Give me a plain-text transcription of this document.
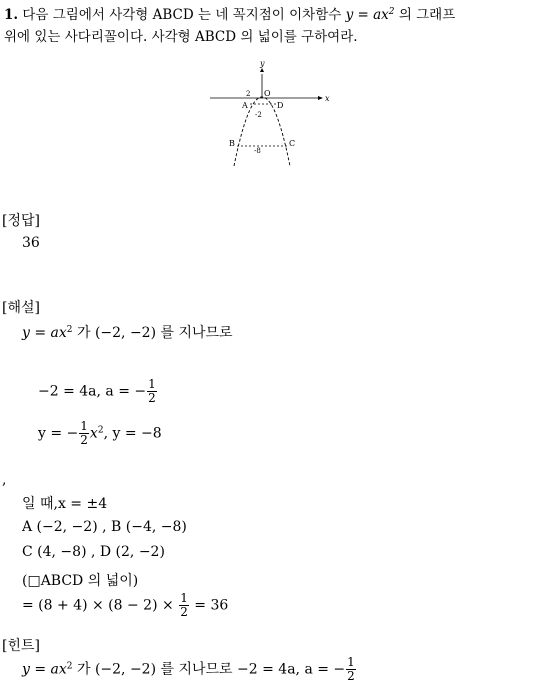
1. 다음 그림에서 사각형 ABCD 는 네 꼭지점이 이차함수 $y = ax^2$ 의 그래프
위에 있는 사다리꼴이다. 사각형 ABCD 의 넓이를 구하여라.
y
x
O
2
A	D
-2
B	C
-8
[정답]
36
[해설]
$y = ax^2$ 가 (−2, −2) 를 지나므로
−2 = 4a, a = − $\frac{1}{2}$
y = − $\frac{1}{2} x^2$, y = −8
,
일 때,x = ±4
A (−2, −2) , B (−4, −8)
C (4, −8) , D (2, −2)
(□ABCD 의 넓이)
= $(8 + 4) \times (8 - 2) \times \frac{1}{2} = 36$
[힌트]
$y = ax^2$ 가 (−2, −2) 를 지나므로 −2 = 4a, a = − $\frac{1}{2}$
